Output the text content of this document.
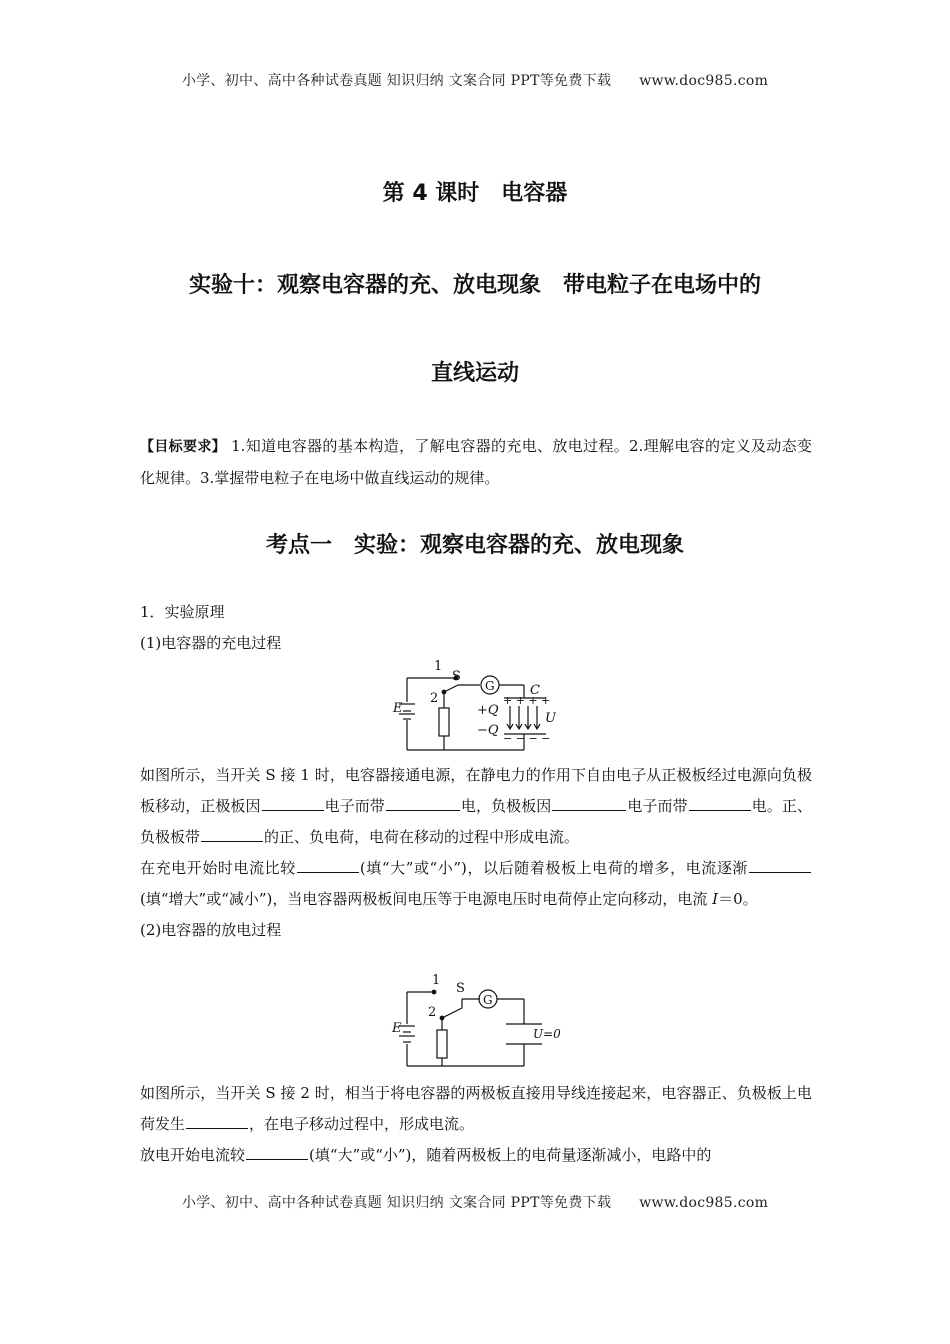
小学、初中、高中各种试卷真题 知识归纳 文案合同 PPT等免费下载 www.doc985.com
第 4 课时　电容器
实验十：观察电容器的充、放电现象　带电粒子在电场中的
直线运动

【目标要求】 1.知道电容器的基本构造，了解电容器的充电、放电过程。2.理解电容的定义及动态变化规律。3.掌握带电粒子在电场中做直线运动的规律。

考点一　实验：观察电容器的充、放电现象

1．实验原理

(1)电容器的充电过程

1
2
S
G	C
E	+Q
−Q
U
+ + + +
− − − −

如图所示，当开关 S 接 1 时，电容器接通电源，在静电力的作用下自由电子从正极板经过电源向负极板移动，正极板因	电子而带	电，负极板因	电子而带	电。正、负极板带	的正、负电荷，电荷在移动的过程中形成电流。

在充电开始时电流比较	(填“大”或“小”)，以后随着极板上电荷的增多，电流逐渐(填“增大”或“减小”)，当电容器两极板间电压等于电源电压时电荷停止定向移动，电流 I＝0。

(2)电容器的放电过程

1
2
S
G
E	U=0

如图所示，当开关 S 接 2 时，相当于将电容器的两极板直接用导线连接起来，电容器正、负极板上电荷发生	，在电子移动过程中，形成电流。

放电开始电流较	(填“大”或“小”)，随着两极板上的电荷量逐渐减小，电路中的

小学、初中、高中各种试卷真题 知识归纳 文案合同 PPT等免费下载 www.doc985.com
